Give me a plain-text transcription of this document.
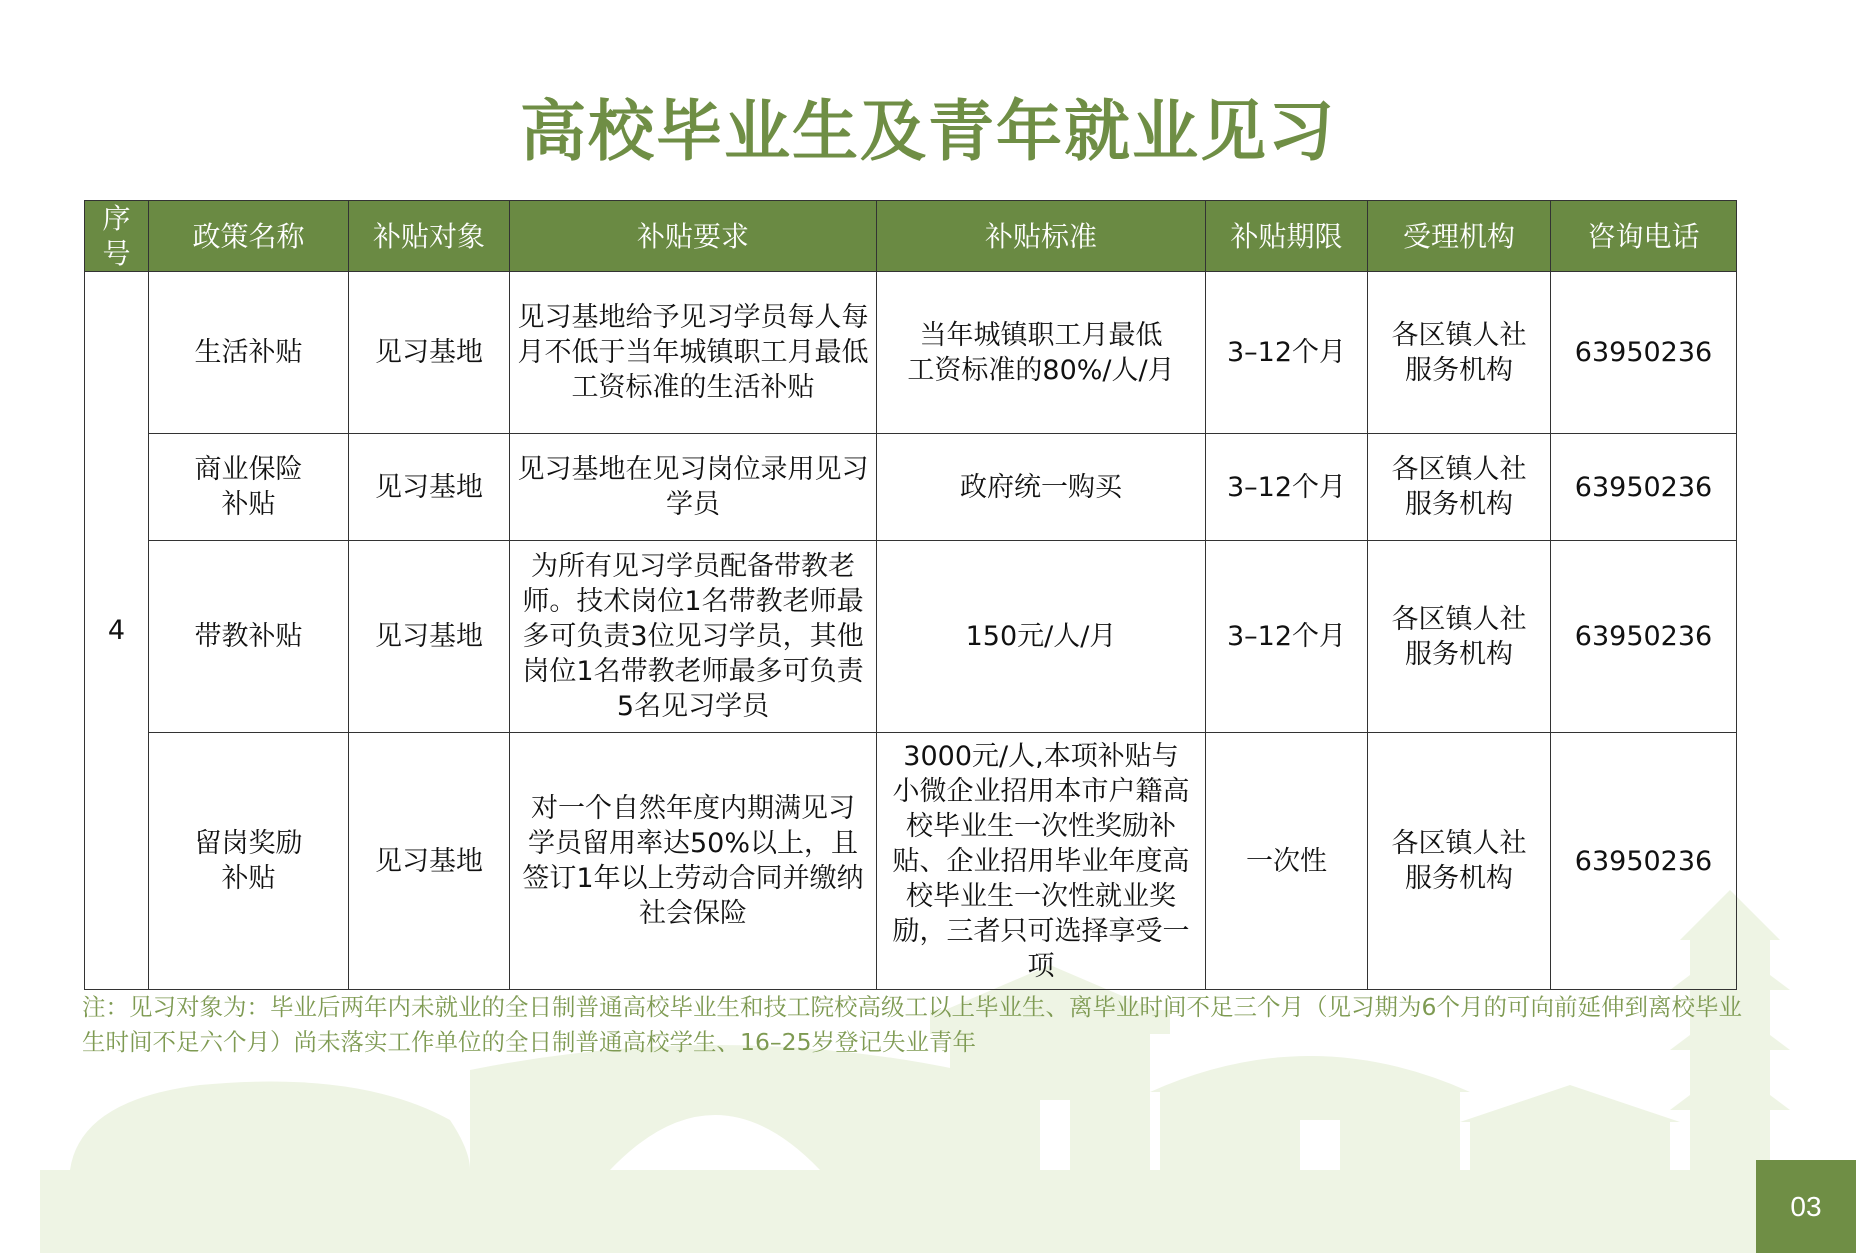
高校毕业生及青年就业见习
序号	政策名称	补贴对象	补贴要求	补贴标准	补贴期限	受理机构	咨询电话
4	生活补贴	见习基地	见习基地给予见习学员每人每月不低于当年城镇职工月最低工资标准的生活补贴	当年城镇职工月最低工资标准的80%/人/月	3–12个月	各区镇人社服务机构	63950236
	商业保险补贴	见习基地	见习基地在见习岗位录用见习学员	政府统一购买	3–12个月	各区镇人社服务机构	63950236
	带教补贴	见习基地	为所有见习学员配备带教老师。技术岗位1名带教老师最多可负责3位见习学员，其他岗位1名带教老师最多可负责5名见习学员	150元/人/月	3–12个月	各区镇人社服务机构	63950236
	留岗奖励补贴	见习基地	对一个自然年度内期满见习学员留用率达50%以上，且签订1年以上劳动合同并缴纳社会保险	3000元/人,本项补贴与小微企业招用本市户籍高校毕业生一次性奖励补贴、企业招用毕业年度高校毕业生一次性就业奖励，三者只可选择享受一项	一次性	各区镇人社服务机构	63950236
注：见习对象为：毕业后两年内未就业的全日制普通高校毕业生和技工院校高级工以上毕业生、离毕业时间不足三个月（见习期为6个月的可向前延伸到离校毕业生时间不足六个月）尚未落实工作单位的全日制普通高校学生、16–25岁登记失业青年
03
